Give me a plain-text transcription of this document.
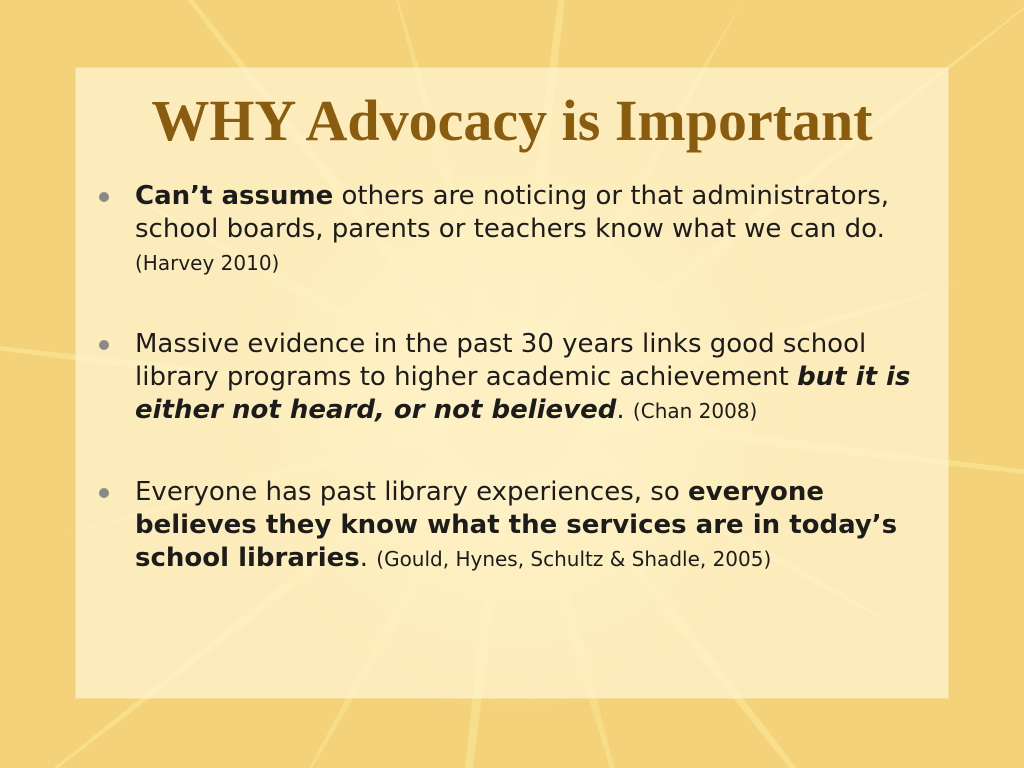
WHY Advocacy is Important
Can’t assume others are noticing or that administrators, school boards, parents or teachers know what we can do. (Harvey 2010)
Massive evidence in the past 30 years links good school library programs to higher academic achievement but it is either not heard, or not believed. (Chan 2008)
Everyone has past library experiences, so everyone believes they know what the services are in today’s school libraries. (Gould, Hynes, Schultz & Shadle, 2005)
